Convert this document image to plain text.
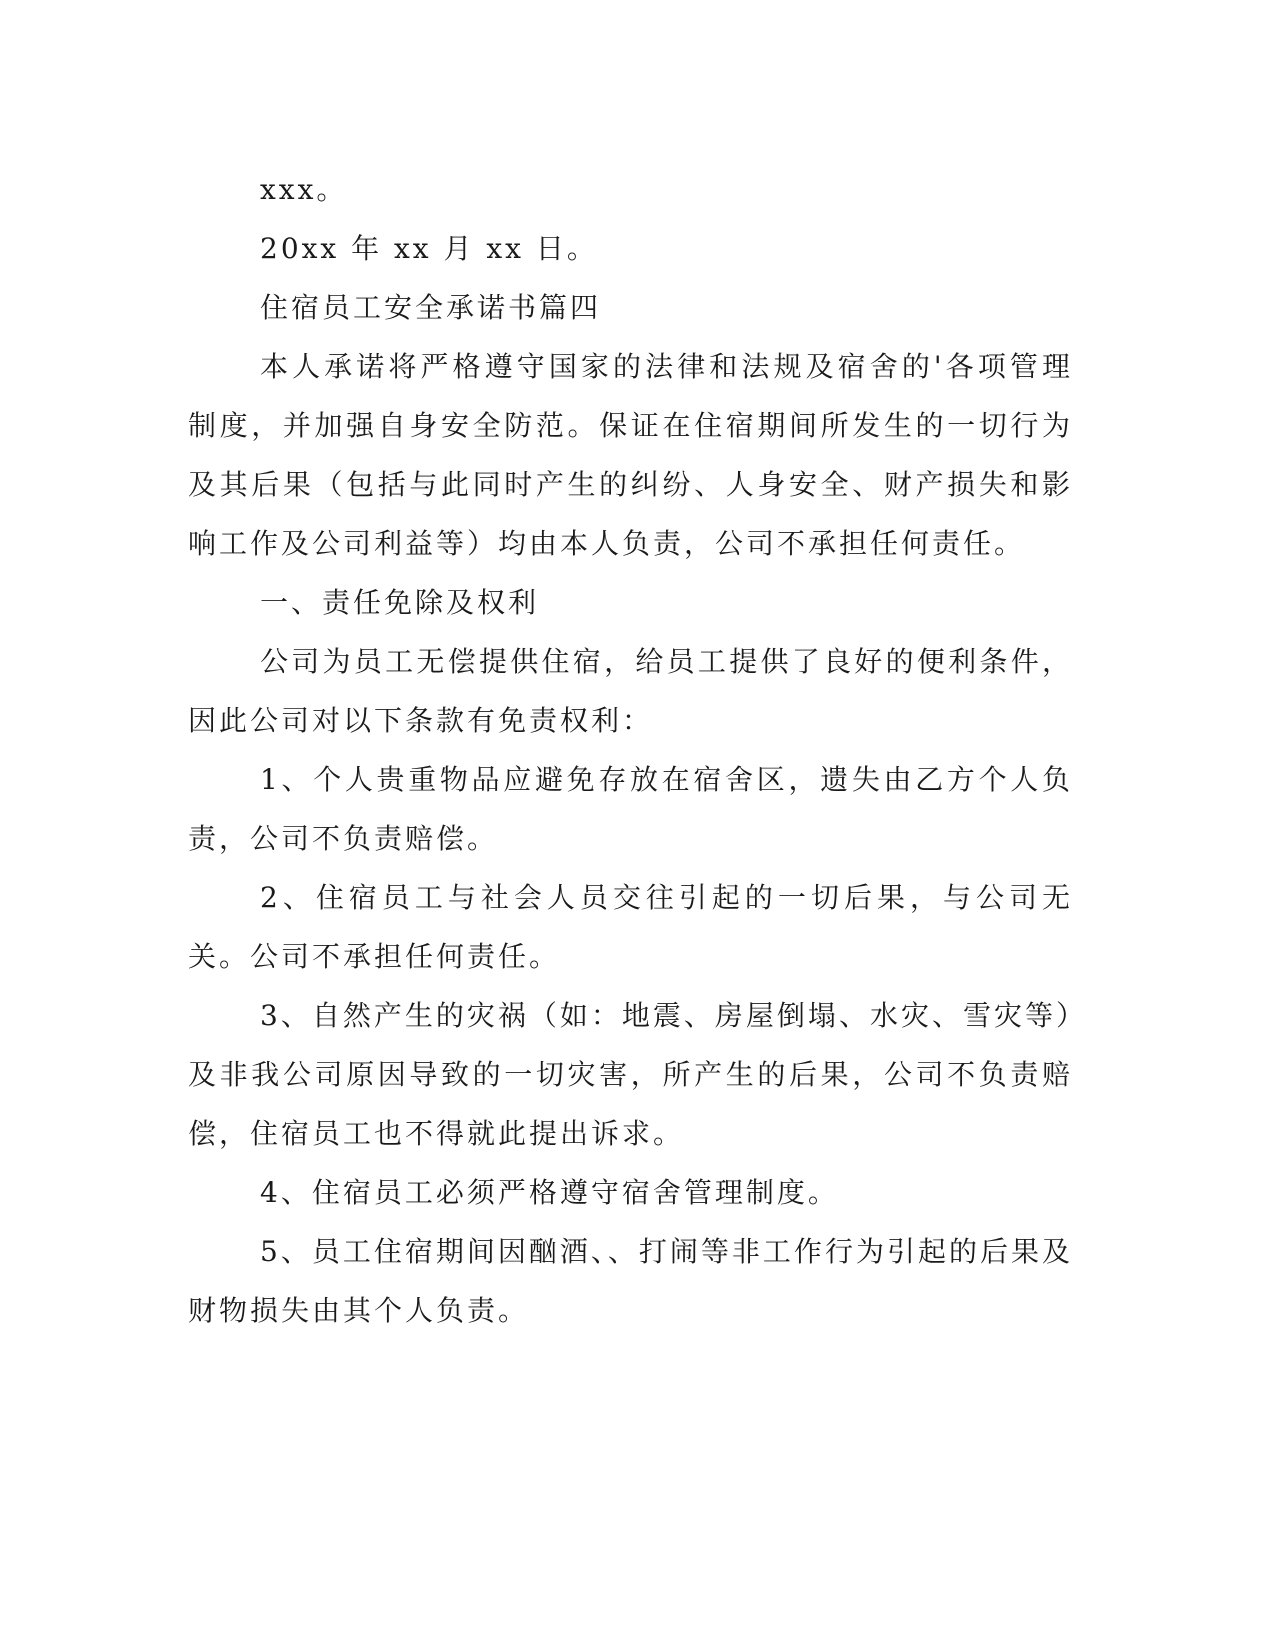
xxx。

20xx 年 xx 月 xx 日。

住宿员工安全承诺书篇四

本人承诺将严格遵守国家的法律和法规及宿舍的'各项管理制度，并加强自身安全防范。保证在住宿期间所发生的一切行为及其后果（包括与此同时产生的纠纷、人身安全、财产损失和影响工作及公司利益等）均由本人负责，公司不承担任何责任。

一、责任免除及权利

公司为员工无偿提供住宿，给员工提供了良好的便利条件，因此公司对以下条款有免责权利：

1、个人贵重物品应避免存放在宿舍区，遗失由乙方个人负责，公司不负责赔偿。

2、住宿员工与社会人员交往引起的一切后果，与公司无关。公司不承担任何责任。

3、自然产生的灾祸（如：地震、房屋倒塌、水灾、雪灾等）及非我公司原因导致的一切灾害，所产生的后果，公司不负责赔偿，住宿员工也不得就此提出诉求。

4、住宿员工必须严格遵守宿舍管理制度。

5、员工住宿期间因酗酒、、打闹等非工作行为引起的后果及财物损失由其个人负责。
